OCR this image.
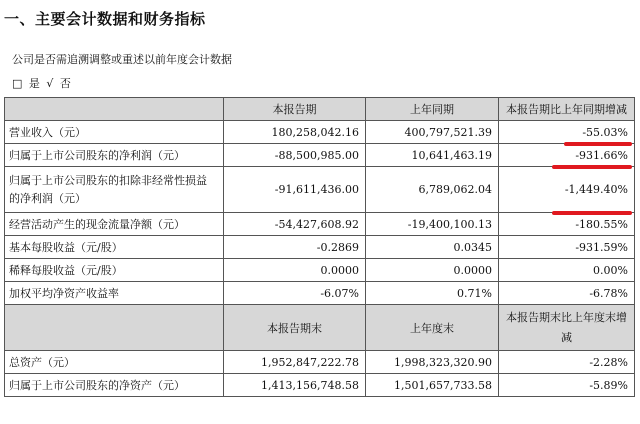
一、主要会计数据和财务指标
公司是否需追溯调整或重述以前年度会计数据
□ 是 √ 否
	本报告期	上年同期	本报告期比上年同期增减
营业收入（元）	180,258,042.16	400,797,521.39	-55.03%
归属于上市公司股东的净利润（元）	-88,500,985.00	10,641,463.19	-931.66%
归属于上市公司股东的扣除非经常性损益的净利润（元）	-91,611,436.00	6,789,062.04	-1,449.40%
经营活动产生的现金流量净额（元）	-54,427,608.92	-19,400,100.13	-180.55%
基本每股收益（元/股）	-0.2869	0.0345	-931.59%
稀释每股收益（元/股）	0.0000	0.0000	0.00%
加权平均净资产收益率	-6.07%	0.71%	-6.78%
	本报告期末	上年度末	本报告期末比上年度末增减
总资产（元）	1,952,847,222.78	1,998,323,320.90	-2.28%
归属于上市公司股东的净资产（元）	1,413,156,748.58	1,501,657,733.58	-5.89%
